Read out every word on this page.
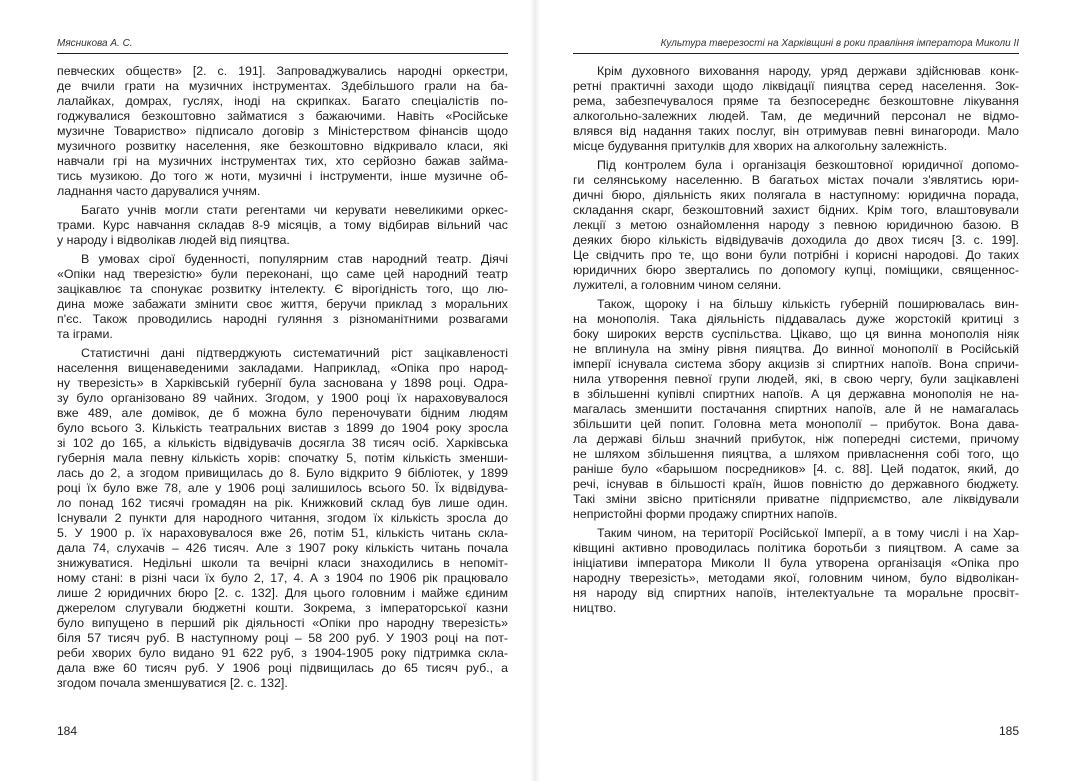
Мясникова А. С.
певческих обществ» [2. с. 191]. Запроваджувались народні оркестри,
де вчили грати на музичних інструментах. Здебільшого грали на ба-
лалайках, домрах, гуслях, іноді на скрипках. Багато спеціалістів по-
годжувалися безкоштовно займатися з бажаючими. Навіть «Російське
музичне Товариство» підписало договір з Міністерством фінансів щодо
музичного розвитку населення, яке безкоштовно відкривало класи, які
навчали грі на музичних інструментах тих, хто серйозно бажав займа-
тись музикою. До того ж ноти, музичні і інструменти, інше музичне об-
ладнання часто дарувалися учням.
Багато учнів могли стати регентами чи керувати невеликими оркес-
трами. Курс навчання складав 8-9 місяців, а тому відбирав вільний час
у народу і відволікав людей від пияцтва.
В умовах сірої буденності, популярним став народний театр. Діячі
«Опіки над тверезістю» були переконані, що саме цей народний театр
зацікавлює та спонукає розвитку інтелекту. Є вірогідність того, що лю-
дина може забажати змінити своє життя, беручи приклад з моральних
п'єс. Також проводились народні гуляння з різноманітними розвагами
та іграми.
Статистичні дані підтверджують систематичний ріст зацікавленості
населення вищенаведеними закладами. Наприклад, «Опіка про народ-
ну тверезість» в Харківській губернії була заснована у 1898 році. Одра-
зу було організовано 89 чайних. Згодом, у 1900 році їх нараховувалося
вже 489, але домівок, де б можна було переночувати бідним людям
було всього 3. Кількість театральних вистав з 1899 до 1904 року зросла
зі 102 до 165, а кількість відвідувачів досягла 38 тисяч осіб. Харківська
губернія мала певну кількість хорів: спочатку 5, потім кількість зменши-
лась до 2, а згодом привищилась до 8. Було відкрито 9 бібліотек, у 1899
році їх було вже 78, але у 1906 році залишилось всього 50. Їх відвідува-
ло понад 162 тисячі громадян на рік. Книжковий склад був лише один.
Існували 2 пункти для народного читання, згодом їх кількість зросла до
5. У 1900 р. їх нараховувалося вже 26, потім 51, кількість читань скла-
дала 74, слухачів – 426 тисяч. Але з 1907 року кількість читань почала
знижуватися. Недільні школи та вечірні класи знаходились в непоміт-
ному стані: в різні часи їх було 2, 17, 4. А з 1904 по 1906 рік працювало
лише 2 юридичних бюро [2. с. 132]. Для цього головним і майже єдиним
джерелом слугували бюджетні кошти. Зокрема, з імператорської казни
було випущено в перший рік діяльності «Опіки про народну тверезість»
біля 57 тисяч руб. В наступному році – 58 200 руб. У 1903 році на пот-
реби хворих було видано 91 622 руб, з 1904-1905 року підтримка скла-
дала вже 60 тисяч руб. У 1906 році підвищилась до 65 тисяч руб., а
згодом почала зменшуватися [2. с. 132].
184
Культура тверезості на Харківщині в роки правління імператора Миколи II
Крім духовного виховання народу, уряд держави здійснював конк-
ретні практичні заходи щодо ліквідації пияцтва серед населення. Зок-
рема, забезпечувалося пряме та безпосереднє безкоштовне лікування
алкогольно-залежних людей. Там, де медичний персонал не відмо-
влявся від надання таких послуг, він отримував певні винагороди. Мало
місце будування притулків для хворих на алкогольну залежність.
Під контролем була і організація безкоштовної юридичної допомо-
ги селянському населенню. В багатьох містах почали з'являтись юри-
дичні бюро, діяльність яких полягала в наступному: юридична порада,
складання скарг, безкоштовний захист бідних. Крім того, влаштовували
лекції з метою ознайомлення народу з певною юридичною базою. В
деяких бюро кількість відвідувачів доходила до двох тисяч [3. с. 199].
Це свідчить про те, що вони були потрібні і корисні народові. До таких
юридичних бюро звертались по допомогу купці, поміщики, священнос-
лужителі, а головним чином селяни.
Також, щороку і на більшу кількість губерній поширювалась вин-
на монополія. Така діяльність піддавалась дуже жорстокій критиці з
боку широких верств суспільства. Цікаво, що ця винна монополія ніяк
не вплинула на зміну рівня пияцтва. До винної монополії в Російській
імперії існувала система збору акцизів зі спиртних напоїв. Вона спричи-
нила утворення певної групи людей, які, в свою чергу, були зацікавлені
в збільшенні купівлі спиртних напоїв. А ця державна монополія не на-
магалась зменшити постачання спиртних напоїв, але й не намагалась
збільшити цей попит. Головна мета монополії – прибуток. Вона дава-
ла державі більш значний прибуток, ніж попередні системи, причому
не шляхом збільшення пияцтва, а шляхом привласнення собі того, що
раніше було «барышом посредников» [4. с. 88]. Цей податок, який, до
речі, існував в більшості країн, йшов повністю до державного бюджету.
Такі зміни звісно притісняли приватне підприємство, але ліквідували
непристойні форми продажу спиртних напоїв.
Таким чином, на території Російської Імперії, а в тому числі і на Хар-
ківщині активно проводилась політика боротьби з пияцтвом. А саме за
ініціативи імператора Миколи II була утворена організація «Опіка про
народну тверезість», методами якої, головним чином, було відволікан-
ня народу від спиртних напоїв, інтелектуальне та моральне просвіт-
ництво.
185
